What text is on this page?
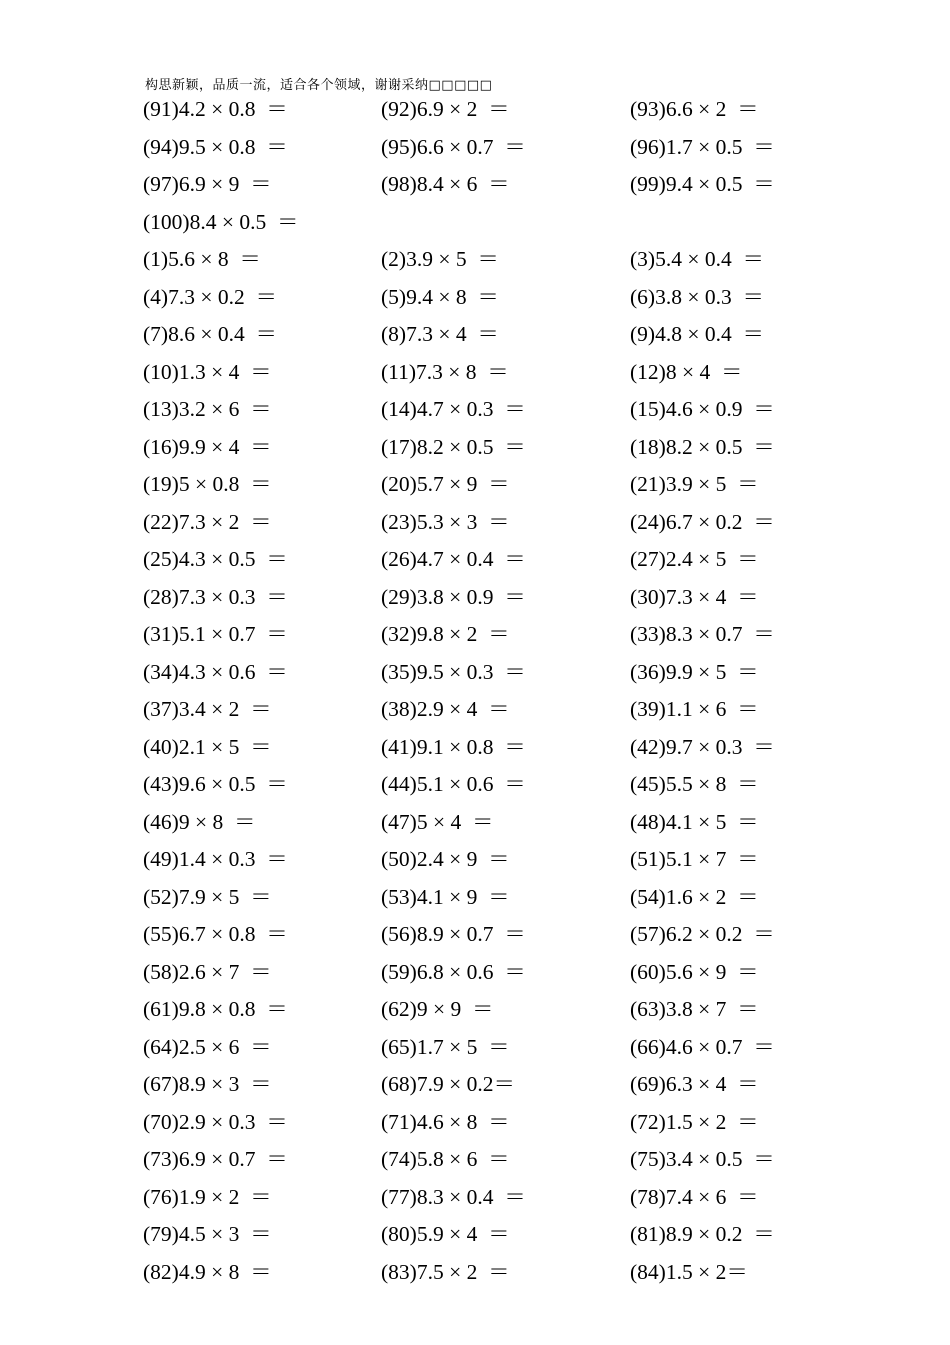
构思新颖，品质一流，适合各个领域，谢谢采纳□□□□□
(91)4.2 × 0.8  ＝	(92)6.9 × 2  ＝	(93)6.6 × 2  ＝
(94)9.5 × 0.8  ＝	(95)6.6 × 0.7  ＝	(96)1.7 × 0.5  ＝
(97)6.9 × 9  ＝	(98)8.4 × 6  ＝	(99)9.4 × 0.5  ＝
(100)8.4 × 0.5  ＝
(1)5.6 × 8  ＝	(2)3.9 × 5  ＝	(3)5.4 × 0.4  ＝
(4)7.3 × 0.2  ＝	(5)9.4 × 8  ＝	(6)3.8 × 0.3  ＝
(7)8.6 × 0.4  ＝	(8)7.3 × 4  ＝	(9)4.8 × 0.4  ＝
(10)1.3 × 4  ＝	(11)7.3 × 8  ＝	(12)8 × 4  ＝
(13)3.2 × 6  ＝	(14)4.7 × 0.3  ＝	(15)4.6 × 0.9  ＝
(16)9.9 × 4  ＝	(17)8.2 × 0.5  ＝	(18)8.2 × 0.5  ＝
(19)5 × 0.8  ＝	(20)5.7 × 9  ＝	(21)3.9 × 5  ＝
(22)7.3 × 2  ＝	(23)5.3 × 3  ＝	(24)6.7 × 0.2  ＝
(25)4.3 × 0.5  ＝	(26)4.7 × 0.4  ＝	(27)2.4 × 5  ＝
(28)7.3 × 0.3  ＝	(29)3.8 × 0.9  ＝	(30)7.3 × 4  ＝
(31)5.1 × 0.7  ＝	(32)9.8 × 2  ＝	(33)8.3 × 0.7  ＝
(34)4.3 × 0.6  ＝	(35)9.5 × 0.3  ＝	(36)9.9 × 5  ＝
(37)3.4 × 2  ＝	(38)2.9 × 4  ＝	(39)1.1 × 6  ＝
(40)2.1 × 5  ＝	(41)9.1 × 0.8  ＝	(42)9.7 × 0.3  ＝
(43)9.6 × 0.5  ＝	(44)5.1 × 0.6  ＝	(45)5.5 × 8  ＝
(46)9 × 8  ＝	(47)5 × 4  ＝	(48)4.1 × 5  ＝
(49)1.4 × 0.3  ＝	(50)2.4 × 9  ＝	(51)5.1 × 7  ＝
(52)7.9 × 5  ＝	(53)4.1 × 9  ＝	(54)1.6 × 2  ＝
(55)6.7 × 0.8  ＝	(56)8.9 × 0.7  ＝	(57)6.2 × 0.2  ＝
(58)2.6 × 7  ＝	(59)6.8 × 0.6  ＝	(60)5.6 × 9  ＝
(61)9.8 × 0.8  ＝	(62)9 × 9  ＝	(63)3.8 × 7  ＝
(64)2.5 × 6  ＝	(65)1.7 × 5  ＝	(66)4.6 × 0.7  ＝
(67)8.9 × 3  ＝	(68)7.9 × 0.2＝	(69)6.3 × 4  ＝
(70)2.9 × 0.3  ＝	(71)4.6 × 8  ＝	(72)1.5 × 2  ＝
(73)6.9 × 0.7  ＝	(74)5.8 × 6  ＝	(75)3.4 × 0.5  ＝
(76)1.9 × 2  ＝	(77)8.3 × 0.4  ＝	(78)7.4 × 6  ＝
(79)4.5 × 3  ＝	(80)5.9 × 4  ＝	(81)8.9 × 0.2  ＝
(82)4.9 × 8  ＝	(83)7.5 × 2  ＝	(84)1.5 × 2＝
